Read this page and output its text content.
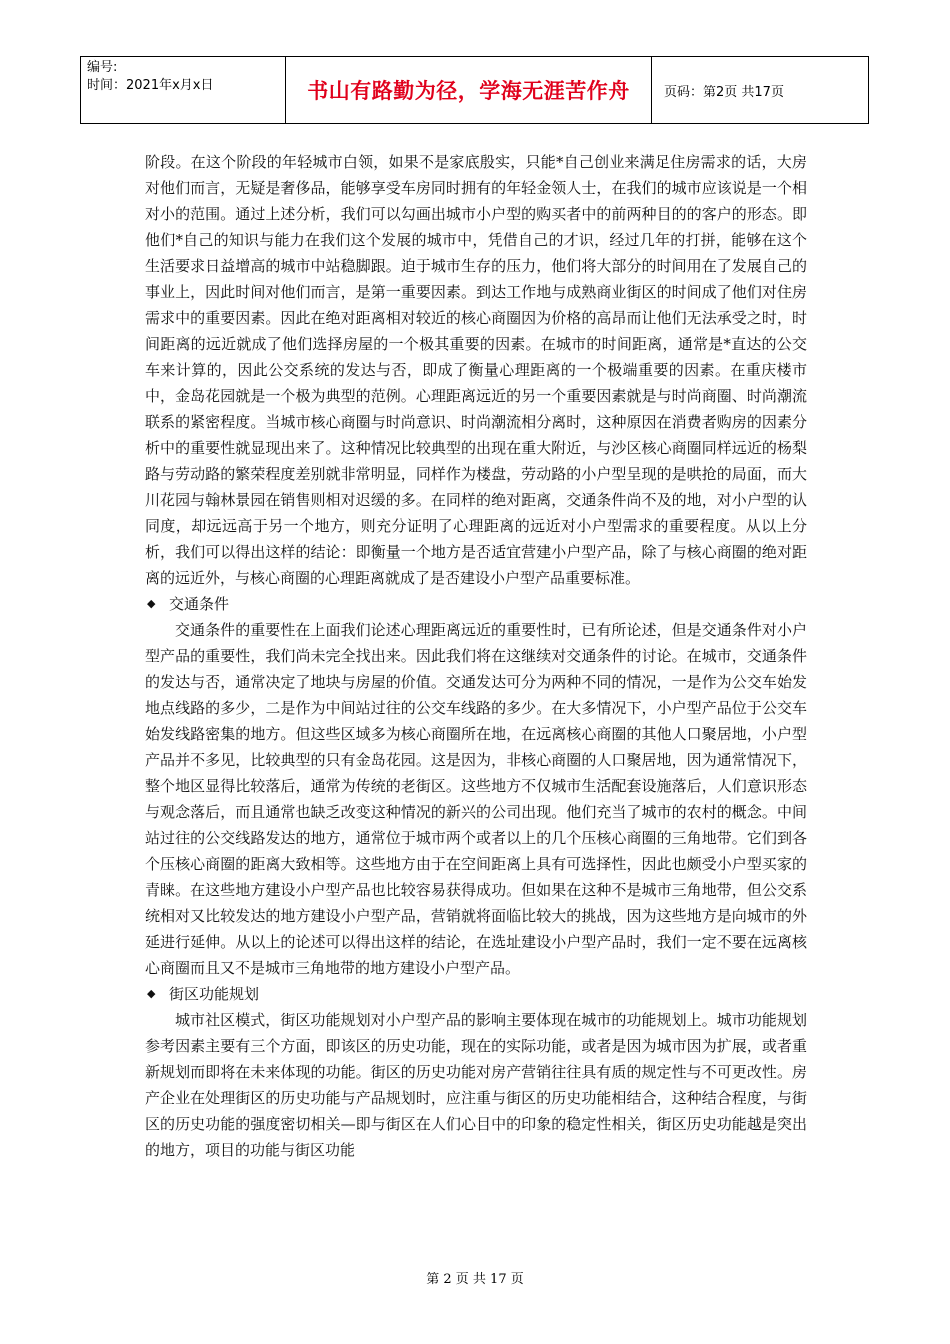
编号:
时间：2021年x月x日	书山有路勤为径，学海无涯苦作舟	页码：第2页 共17页

阶段。在这个阶段的年轻城市白领，如果不是家底殷实，只能*自己创业来满足住房需求的话，大房对他们而言，无疑是奢侈品，能够享受车房同时拥有的年轻金领人士，在我们的城市应该说是一个相对小的范围。通过上述分析，我们可以勾画出城市小户型的购买者中的前两种目的的客户的形态。即他们*自己的知识与能力在我们这个发展的城市中，凭借自己的才识，经过几年的打拼，能够在这个生活要求日益增高的城市中站稳脚跟。迫于城市生存的压力，他们将大部分的时间用在了发展自己的事业上，因此时间对他们而言，是第一重要因素。到达工作地与成熟商业街区的时间成了他们对住房需求中的重要因素。因此在绝对距离相对较近的核心商圈因为价格的高昂而让他们无法承受之时，时间距离的远近就成了他们选择房屋的一个极其重要的因素。在城市的时间距离，通常是*直达的公交车来计算的，因此公交系统的发达与否，即成了衡量心理距离的一个极端重要的因素。在重庆楼市中，金岛花园就是一个极为典型的范例。心理距离远近的另一个重要因素就是与时尚商圈、时尚潮流联系的紧密程度。当城市核心商圈与时尚意识、时尚潮流相分离时，这种原因在消费者购房的因素分析中的重要性就显现出来了。这种情况比较典型的出现在重大附近，与沙区核心商圈同样远近的杨梨路与劳动路的繁荣程度差别就非常明显，同样作为楼盘，劳动路的小户型呈现的是哄抢的局面，而大川花园与翰林景园在销售则相对迟缓的多。在同样的绝对距离，交通条件尚不及的地，对小户型的认同度，却远远高于另一个地方，则充分证明了心理距离的远近对小户型需求的重要程度。从以上分析，我们可以得出这样的结论：即衡量一个地方是否适宜营建小户型产品，除了与核心商圈的绝对距离的远近外，与核心商圈的心理距离就成了是否建设小户型产品重要标准。

◆ 交通条件

交通条件的重要性在上面我们论述心理距离远近的重要性时，已有所论述，但是交通条件对小户型产品的重要性，我们尚未完全找出来。因此我们将在这继续对交通条件的讨论。在城市，交通条件的发达与否，通常决定了地块与房屋的价值。交通发达可分为两种不同的情况，一是作为公交车始发地点线路的多少，二是作为中间站过往的公交车线路的多少。在大多情况下，小户型产品位于公交车始发线路密集的地方。但这些区域多为核心商圈所在地，在远离核心商圈的其他人口聚居地，小户型产品并不多见，比较典型的只有金岛花园。这是因为，非核心商圈的人口聚居地，因为通常情况下，整个地区显得比较落后，通常为传统的老街区。这些地方不仅城市生活配套设施落后，人们意识形态与观念落后，而且通常也缺乏改变这种情况的新兴的公司出现。他们充当了城市的农村的概念。中间站过往的公交线路发达的地方，通常位于城市两个或者以上的几个压核心商圈的三角地带。它们到各个压核心商圈的距离大致相等。这些地方由于在空间距离上具有可选择性，因此也颇受小户型买家的青睐。在这些地方建设小户型产品也比较容易获得成功。但如果在这种不是城市三角地带，但公交系统相对又比较发达的地方建设小户型产品，营销就将面临比较大的挑战，因为这些地方是向城市的外延进行延伸。从以上的论述可以得出这样的结论，在选址建设小户型产品时，我们一定不要在远离核心商圈而且又不是城市三角地带的地方建设小户型产品。

◆ 街区功能规划

城市社区模式，街区功能规划对小户型产品的影响主要体现在城市的功能规划上。城市功能规划参考因素主要有三个方面，即该区的历史功能，现在的实际功能，或者是因为城市因为扩展，或者重新规划而即将在未来体现的功能。街区的历史功能对房产营销往往具有质的规定性与不可更改性。房产企业在处理街区的历史功能与产品规划时，应注重与街区的历史功能相结合，这种结合程度，与街区的历史功能的强度密切相关—即与街区在人们心目中的印象的稳定性相关，街区历史功能越是突出的地方，项目的功能与街区功能

第 2 页 共 17 页
